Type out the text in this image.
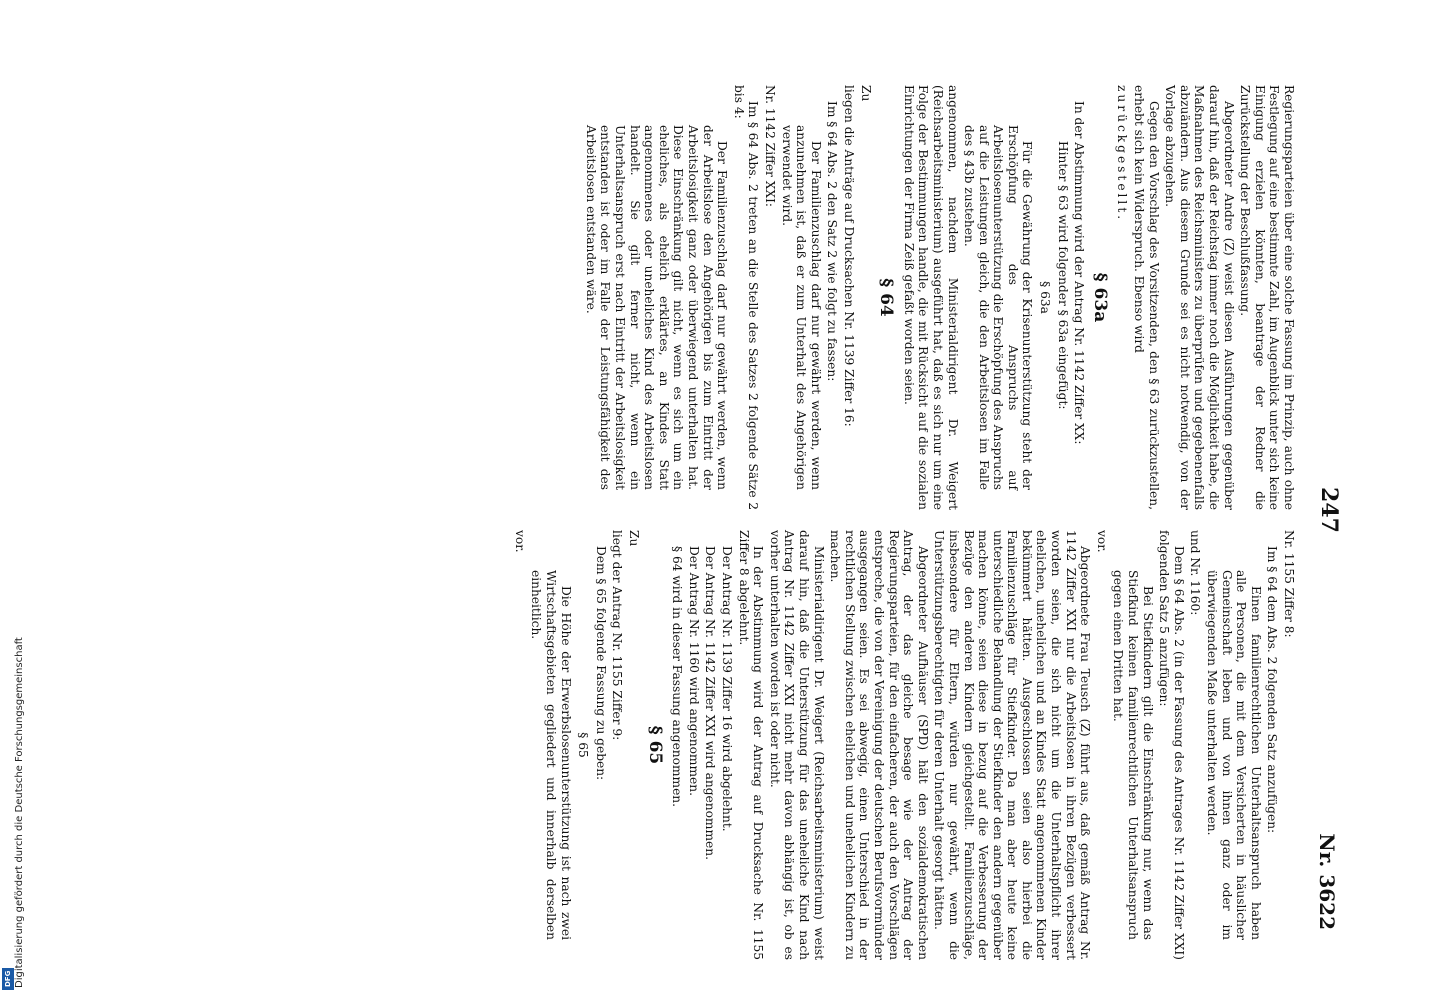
247
Nr. 3622

Regierungsparteien über eine solche Fassung im Prinzip, auch ohne Festlegung auf eine bestimmte Zahl, im Augenblick unter sich keine Einigung erzielen könnten, beantrage der Redner die Zurückstellung der Beschlußfassung.

Abgeordneter Andre (Z) weist diesen Ausführungen gegenüber darauf hin, daß der Reichstag immer noch die Möglichkeit habe, die Maßnahmen des Reichsministers zu überprüfen und gegebenenfalls abzuändern. Aus diesem Grunde sei es nicht notwendig, von der Vorlage abzugehen.

Gegen den Vorschlag des Vorsitzenden, den § 63 zurückzustellen, erhebt sich kein Widerspruch. Ebenso wird

zurückgestellt.

§ 63a

In der Abstimmung wird der Antrag Nr. 1142 Ziffer XX:

Hinter § 63 wird folgender § 63a eingefügt:

§ 63a

Für die Gewährung der Krisenunterstützung steht der Erschöpfung des Anspruchs auf Arbeitslosenunterstützung die Erschöpfung des Anspruchs auf die Leistungen gleich, die den Arbeitslosen im Falle des § 43b zustehen.

angenommen, nachdem Ministerialdirigent Dr. Weigert (Reichsarbeitsministerium) ausgeführt hat, daß es sich nur um eine Folge der Bestimmungen handle, die mit Rücksicht auf die sozialen Einrichtungen der Firma Zeiß gefaßt worden seien.

§ 64

Zu

liegen die Anträge auf Drucksachen Nr. 1139 Ziffer 16:

Im § 64 Abs. 2 den Satz 2 wie folgt zu fassen:

Der Familienzuschlag darf nur gewährt werden, wenn anzunehmen ist, daß er zum Unterhalt des Angehörigen verwendet wird.

Nr. 1142 Ziffer XXI:

Im § 64 Abs. 2 treten an die Stelle des Satzes 2 folgende Sätze 2 bis 4:

Der Familienzuschlag darf nur gewährt werden, wenn der Arbeitslose den Angehörigen bis zum Eintritt der Arbeitslosigkeit ganz oder überwiegend unterhalten hat. Diese Einschränkung gilt nicht, wenn es sich um ein eheliches, als ehelich erklärtes, an Kindes Statt angenommenes oder uneheliches Kind des Arbeitslosen handelt. Sie gilt ferner nicht, wenn ein Unterhaltsanspruch erst nach Eintritt der Arbeitslosigkeit entstanden ist oder im Falle der Leistungsfähigkeit des Arbeitslosen entstanden wäre.

Nr. 1155 Ziffer 8:

Im § 64 dem Abs. 2 folgenden Satz anzufügen:

Einen familienrechtlichen Unterhaltsanspruch haben alle Personen, die mit dem Versicherten in häuslicher Gemeinschaft leben und von ihnen ganz oder im überwiegenden Maße unterhalten werden.

und Nr. 1160:

Dem § 64 Abs. 2 (in der Fassung des Antrages Nr. 1142 Ziffer XXI) folgenden Satz 5 anzufügen:

Bei Stiefkindern gilt die Einschränkung nur, wenn das Stiefkind keinen familienrechtlichen Unterhaltsanspruch gegen einen Dritten hat.

vor.

Abgeordnete Frau Teusch (Z) führt aus, daß gemäß Antrag Nr. 1142 Ziffer XXI nur die Arbeitslosen in ihren Bezügen verbessert worden seien, die sich nicht um die Unterhaltspflicht ihrer ehelichen, unehelichen und an Kindes Statt angenommenen Kinder bekümmert hätten. Ausgeschlossen seien also hierbei die Familienzuschläge für Stiefkinder. Da man aber heute keine unterschiedliche Behandlung der Stiefkinder den andern gegenüber machen könne, seien diese in bezug auf die Verbesserung der Bezüge den anderen Kindern gleichgestellt. Familienzuschläge, insbesondere für Eltern, würden nur gewährt, wenn die Unterstützungsberechtigten für deren Unterhalt gesorgt hätten.

Abgeordneter Aufhäuser (SPD) hält den sozialdemokratischen Antrag, der das gleiche besage wie der Antrag der Regierungsparteien, für den einfacheren, der auch den Vorschlägen entspreche, die von der Vereinigung der deutschen Berufsvormünder ausgegangen seien. Es sei abwegig, einen Unterschied in der rechtlichen Stellung zwischen ehelichen und unehelichen Kindern zu machen.

Ministerialdirigent Dr. Weigert (Reichsarbeitsministerium) weist darauf hin, daß die Unterstützung für das uneheliche Kind nach Antrag Nr. 1142 Ziffer XXI nicht mehr davon abhängig ist, ob es vorher unterhalten worden ist oder nicht.

In der Abstimmung wird der Antrag auf Drucksache Nr. 1155 Ziffer 8 abgelehnt.

Der Antrag Nr. 1139 Ziffer 16 wird abgelehnt.

Der Antrag Nr. 1142 Ziffer XXI wird angenommen.

Der Antrag Nr. 1160 wird angenommen.

§ 64 wird in dieser Fassung angenommen.

§ 65

Zu

liegt der Antrag Nr. 1155 Ziffer 9:

Dem § 65 folgende Fassung zu geben:

§ 65

Die Höhe der Erwerbslosenunterstützung ist nach zwei Wirtschaftsgebieten gegliedert und innerhalb derselben einheitlich.

vor.

DFG Digitalisierung gefördert durch die Deutsche Forschungsgemeinschaft
